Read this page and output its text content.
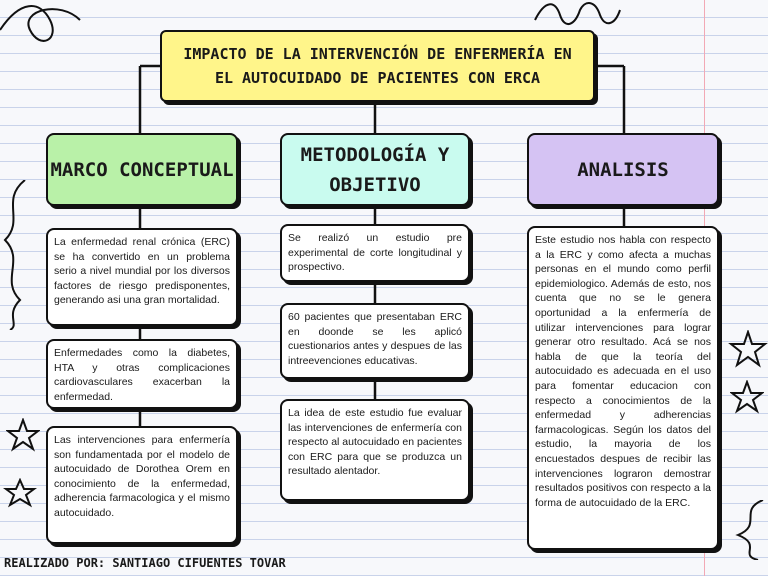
IMPACTO DE LA INTERVENCIÓN DE ENFERMERÍA EN EL AUTOCUIDADO DE PACIENTES CON ERCA
MARCO CONCEPTUAL
METODOLOGÍA Y OBJETIVO
ANALISIS
La enfermedad renal crónica (ERC) se ha convertido en un problema serio a nivel mundial por los diversos factores de riesgo predisponentes, generando asi una gran mortalidad.
Enfermedades como la diabetes, HTA y otras complicaciones cardiovasculares exacerban la enfermedad.
Las intervenciones para enfermería son fundamentada por el modelo de autocuidado de Dorothea Orem en conocimiento de la enfermedad, adherencia farmacologica y el mismo autocuidado.
Se realizó un estudio pre experimental de corte longitudinal y prospectivo.
60 pacientes que presentaban ERC en doonde se les aplicó cuestionarios antes y despues de las intreevenciones educativas.
La idea de este estudio fue evaluar las intervenciones de enfermería con respecto al autocuidado en pacientes con ERC para que se produzca un resultado alentador.
Este estudio nos habla con respecto a la ERC y como afecta a muchas personas en el mundo como perfil epidemiologico. Además de esto, nos cuenta que no se le genera oportunidad a la enfermería de utilizar intervenciones para lograr generar otro resultado. Acá se nos habla de que la teoría del autocuidado es adecuada en el uso para fomentar educacion con respecto a conocimientos de la enfermedad y adherencias farmacologicas. Según los datos del estudio, la mayoria de los encuestados despues de recibir las intervenciones lograron demostrar resultados positivos con respecto a la forma de autocuidado de la ERC.
REALIZADO POR: SANTIAGO CIFUENTES TOVAR
